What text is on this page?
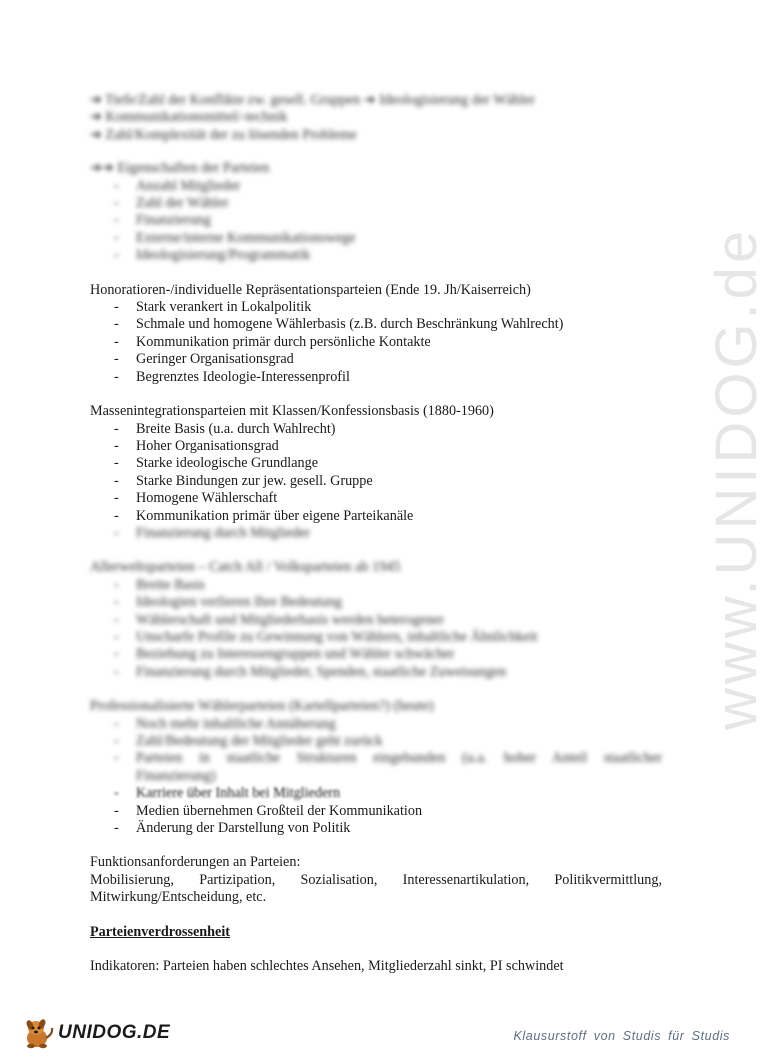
www.UNIDOG.de
➔ Tiefe/Zahl der Konflikte zw. gesell. Gruppen ➔ Ideologisierung der Wähler
➔ Kommunikationsmittel/-technik
➔ Zahl/Komplexität der zu lösenden Probleme
➔➔ Eigenschaften der Parteien
- Anzahl Mitglieder
- Zahl der Wähler
- Finanzierung
- Externe/interne Kommunikationswege
- Ideologisierung/Programmatik
Honoratioren-/individuelle Repräsentationsparteien (Ende 19. Jh/Kaiserreich)
- Stark verankert in Lokalpolitik
- Schmale und homogene Wählerbasis (z.B. durch Beschränkung Wahlrecht)
- Kommunikation primär durch persönliche Kontakte
- Geringer Organisationsgrad
- Begrenztes Ideologie-Interessenprofil
Massenintegrationsparteien mit Klassen/Konfessionsbasis (1880-1960)
- Breite Basis (u.a. durch Wahlrecht)
- Hoher Organisationsgrad
- Starke ideologische Grundlange
- Starke Bindungen zur jew. gesell. Gruppe
- Homogene Wählerschaft
- Kommunikation primär über eigene Parteikanäle
- Finanzierung durch Mitglieder
Allerweltsparteien – Catch All / Volksparteien ab 1945
- Breite Basis
- Ideologien verlieren Ihre Bedeutung
- Wählerschaft und Mitgliederbasis werden heterogener
- Unscharfe Profile zu Gewinnung von Wählern, inhaltliche Ähnlichkeit
- Beziehung zu Interessengruppen und Wähler schwächer
- Finanzierung durch Mitglieder, Spenden, staatliche Zuweisungen
Professionalisierte Wählerparteien (Kartellparteien?) (heute)
- Noch mehr inhaltliche Annäherung
- Zahl/Bedeutung der Mitglieder geht zurück
- Parteien in staatliche Strukturen eingebunden (u.a. hoher Anteil staatlicher
Finanzierung)
- Karriere über Inhalt bei Mitgliedern
- Medien übernehmen Großteil der Kommunikation
- Änderung der Darstellung von Politik
Funktionsanforderungen an Parteien:
Mobilisierung, Partizipation, Sozialisation, Interessenartikulation, Politikvermittlung,
Mitwirkung/Entscheidung, etc.
Parteienverdrossenheit
Indikatoren: Parteien haben schlechtes Ansehen, Mitgliederzahl sinkt, PI schwindet
UNIDOG.DE	Klausurstoff von Studis für Studis
